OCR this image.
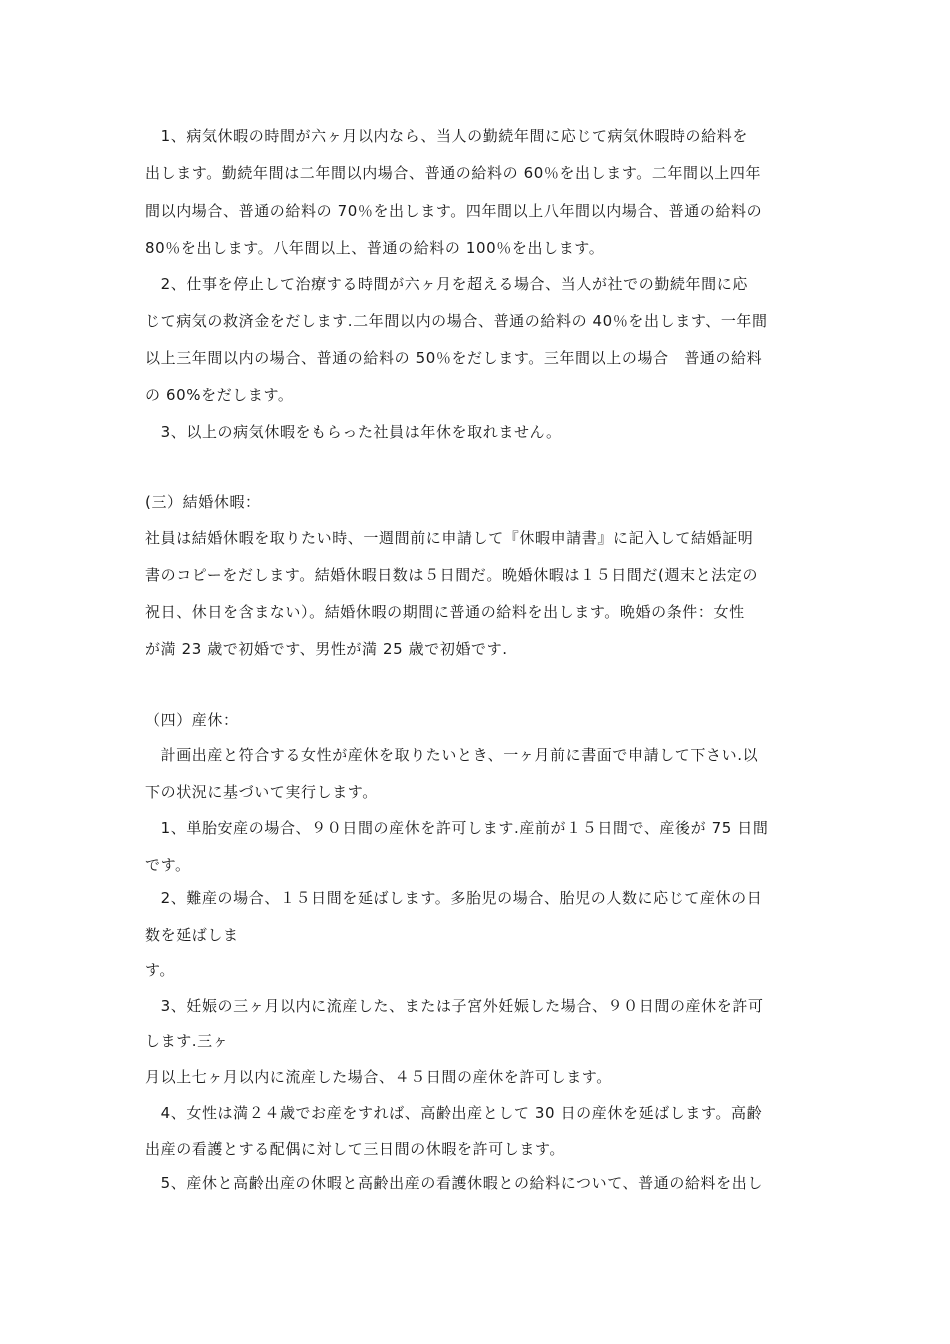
　1、病気休暇の時間が六ヶ月以内なら、当人の勤続年間に応じて病気休暇時の給料を
出します。勤続年間は二年間以内場合、普通の給料の 60％を出します。二年間以上四年
間以内場合、普通の給料の 70％を出します。四年間以上八年間以内場合、普通の給料の
80％を出します。八年間以上、普通の給料の 100％を出します。
　2、仕事を停止して治療する時間が六ヶ月を超える場合、当人が社での勤続年間に応
じて病気の救済金をだします.二年間以内の場合、普通の給料の 40％を出します、一年間
以上三年間以内の場合、普通の給料の 50％をだします。三年間以上の場合　普通の給料
の 60%をだします。
　3、以上の病気休暇をもらった社員は年休を取れません。
(三）結婚休暇：
社員は結婚休暇を取りたい時、一週間前に申請して『休暇申請書』に記入して結婚証明
書のコピーをだします。結婚休暇日数は５日間だ。晩婚休暇は１５日間だ(週末と法定の
祝日、休日を含まない）。結婚休暇の期間に普通の給料を出します。晩婚の条件：女性
が満 23 歳で初婚です、男性が満 25 歳で初婚です.
（四）産休：
　計画出産と符合する女性が産休を取りたいとき、一ヶ月前に書面で申請して下さい.以
下の状況に基づいて実行します。
　1、単胎安産の場合、９０日間の産休を許可します.産前が１５日間で、産後が 75 日間
です。
　2、難産の場合、１５日間を延ばします。多胎児の場合、胎児の人数に応じて産休の日
数を延ばしま
す。
　3、妊娠の三ヶ月以内に流産した、または子宮外妊娠した場合、９０日間の産休を許可
します.三ヶ
月以上七ヶ月以内に流産した場合、４５日間の産休を許可します。
　4、女性は満２４歳でお産をすれば、高齢出産として 30 日の産休を延ばします。高齢
出産の看護とする配偶に対して三日間の休暇を許可します。
　5、産休と高齢出産の休暇と高齢出産の看護休暇との給料について、普通の給料を出し
